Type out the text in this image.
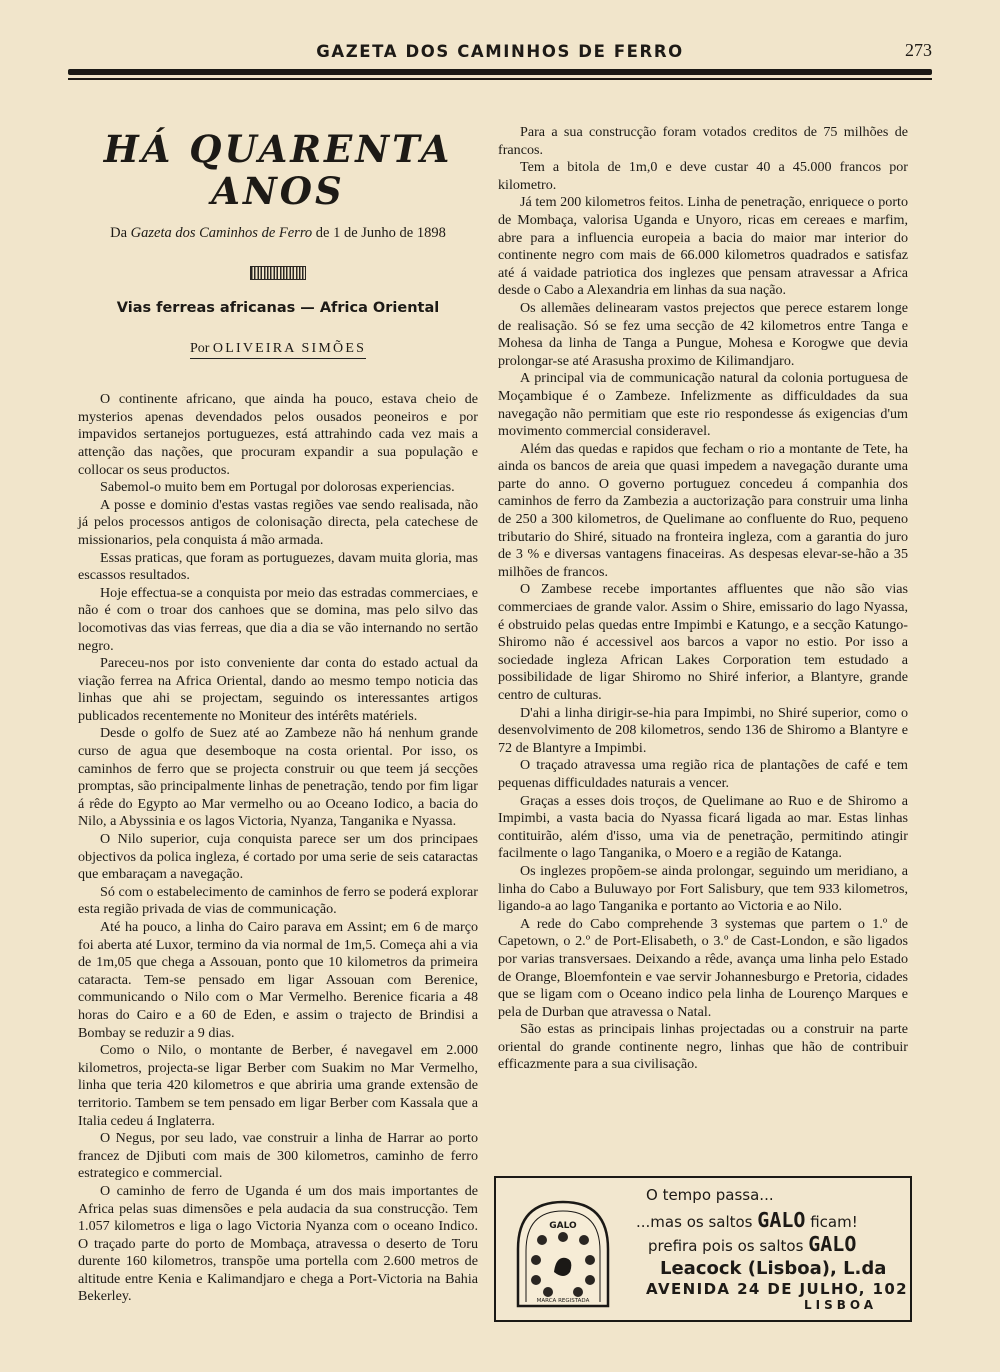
GAZETA DOS CAMINHOS DE FERRO	273
HÁ QUARENTA ANOS
Da Gazeta dos Caminhos de Ferro de 1 de Junho de 1898
Vias ferreas africanas — Africa Oriental
Por OLIVEIRA SIMÕES

O continente africano, que ainda ha pouco, estava cheio de mysterios apenas devendados pelos ousados peoneiros e por impavidos sertanejos portuguezes, está attrahindo cada vez mais a attenção das nações, que procuram expandir a sua população e collocar os seus productos.

Sabemol-o muito bem em Portugal por dolorosas experiencias.

A posse e dominio d'estas vastas regiões vae sendo realisada, não já pelos processos antigos de colonisação directa, pela catechese de missionarios, pela conquista á mão armada.

Essas praticas, que foram as portuguezes, davam muita gloria, mas escassos resultados.

Hoje effectua-se a conquista por meio das estradas commerciaes, e não é com o troar dos canhoes que se domina, mas pelo silvo das locomotivas das vias ferreas, que dia a dia se vão internando no sertão negro.

Pareceu-nos por isto conveniente dar conta do estado actual da viação ferrea na Africa Oriental, dando ao mesmo tempo noticia das linhas que ahi se projectam, seguindo os interessantes artigos publicados recentemente no Moniteur des intérêts matériels.

Desde o golfo de Suez até ao Zambeze não há nenhum grande curso de agua que desemboque na costa oriental. Por isso, os caminhos de ferro que se projecta construir ou que teem já secções promptas, são principalmente linhas de penetração, tendo por fim ligar á rêde do Egypto ao Mar vermelho ou ao Oceano Iodico, a bacia do Nilo, a Abyssinia e os lagos Victoria, Nyanza, Tanganika e Nyassa.

O Nilo superior, cuja conquista parece ser um dos principaes objectivos da polica ingleza, é cortado por uma serie de seis cataractas que embaraçam a navegação.

Só com o estabelecimento de caminhos de ferro se poderá explorar esta região privada de vias de communicação.

Até ha pouco, a linha do Cairo parava em Assint; em 6 de março foi aberta até Luxor, termino da via normal de 1m,5. Começa ahi a via de 1m,05 que chega a Assouan, ponto que 10 kilometros da primeira cataracta. Tem-se pensado em ligar Assouan com Berenice, communicando o Nilo com o Mar Vermelho. Berenice ficaria a 48 horas do Cairo e a 60 de Eden, e assim o trajecto de Brindisi a Bombay se reduzir a 9 dias.

Como o Nilo, o montante de Berber, é navegavel em 2.000 kilometros, projecta-se ligar Berber com Suakim no Mar Vermelho, linha que teria 420 kilometros e que abriria uma grande extensão de territorio. Tambem se tem pensado em ligar Berber com Kassala que a Italia cedeu á Inglaterra.

O Negus, por seu lado, vae construir a linha de Harrar ao porto francez de Djibuti com mais de 300 kilometros, caminho de ferro estrategico e commercial.

O caminho de ferro de Uganda é um dos mais importantes de Africa pelas suas dimensões e pela audacia da sua construcção. Tem 1.057 kilometros e liga o lago Victoria Nyanza com o oceano Indico. O traçado parte do porto de Mombaça, atravessa o deserto de Toru durente 160 kilometros, transpõe uma portella com 2.600 metros de altitude entre Kenia e Kalimandjaro e chega a Port-Victoria na Bahia Bekerley.

Para a sua construcção foram votados creditos de 75 milhões de francos.

Tem a bitola de 1m,0 e deve custar 40 a 45.000 francos por kilometro.

Já tem 200 kilometros feitos. Linha de penetração, enriquece o porto de Mombaça, valorisa Uganda e Unyoro, ricas em cereaes e marfim, abre para a influencia europeia a bacia do maior mar interior do continente negro com mais de 66.000 kilometros quadrados e satisfaz até á vaidade patriotica dos inglezes que pensam atravessar a Africa desde o Cabo a Alexandria em linhas da sua nação.

Os allemães delinearam vastos prejectos que perece estarem longe de realisação. Só se fez uma secção de 42 kilometros entre Tanga e Mohesa da linha de Tanga a Pungue, Mohesa e Korogwe que devia prolongar-se até Arasusha proximo de Kilimandjaro.

A principal via de communicação natural da colonia portuguesa de Moçambique é o Zambeze. Infelizmente as difficuldades da sua navegação não permitiam que este rio respondesse ás exigencias d'um movimento commercial consideravel.

Além das quedas e rapidos que fecham o rio a montante de Tete, ha ainda os bancos de areia que quasi impedem a navegação durante uma parte do anno. O governo portuguez concedeu á companhia dos caminhos de ferro da Zambezia a auctorização para construir uma linha de 250 a 300 kilometros, de Quelimane ao confluente do Ruo, pequeno tributario do Shiré, situado na fronteira ingleza, com a garantia do juro de 3 % e diversas vantagens finaceiras. As despesas elevar-se-hão a 35 milhões de francos.

O Zambese recebe importantes affluentes que não são vias commerciaes de grande valor. Assim o Shire, emissario do lago Nyassa, é obstruido pelas quedas entre Impimbi e Katungo, e a secção Katungo-Shiromo não é accessivel aos barcos a vapor no estio. Por isso a sociedade ingleza African Lakes Corporation tem estudado a possibilidade de ligar Shiromo no Shiré inferior, a Blantyre, grande centro de culturas.

D'ahi a linha dirigir-se-hia para Impimbi, no Shiré superior, como o desenvolvimento de 208 kilometros, sendo 136 de Shiromo a Blantyre e 72 de Blantyre a Impimbi.

O traçado atravessa uma região rica de plantações de café e tem pequenas difficuldades naturais a vencer.

Graças a esses dois troços, de Quelimane ao Ruo e de Shiromo a Impimbi, a vasta bacia do Nyassa ficará ligada ao mar. Estas linhas contituirão, além d'isso, uma via de penetração, permitindo atingir facilmente o lago Tanganika, o Moero e a região de Katanga.

Os inglezes propõem-se ainda prolongar, seguindo um meridiano, a linha do Cabo a Buluwayo por Fort Salisbury, que tem 933 kilometros, ligando-a ao lago Tanganika e portanto ao Victoria e ao Nilo.

A rede do Cabo comprehende 3 systemas que partem o 1.º de Capetown, o 2.º de Port-Elisabeth, o 3.º de Cast-London, e são ligados por varias transversaes. Deixando a rêde, avança uma linha pelo Estado de Orange, Bloemfontein e vae servir Johannesburgo e Pretoria, cidades que se ligam com o Oceano indico pela linha de Lourenço Marques e pela de Durban que atravessa o Natal.

São estas as principais linhas projectadas ou a construir na parte oriental do grande continente negro, linhas que hão de contribuir efficazmente para a sua civilisação.

GALO
MARCA REGISTADA
O tempo passa...
...mas os saltos GALO ficam!
prefira pois os saltos GALO
Leacock (Lisboa), L.da
AVENIDA 24 DE JULHO, 102
LISBOA
